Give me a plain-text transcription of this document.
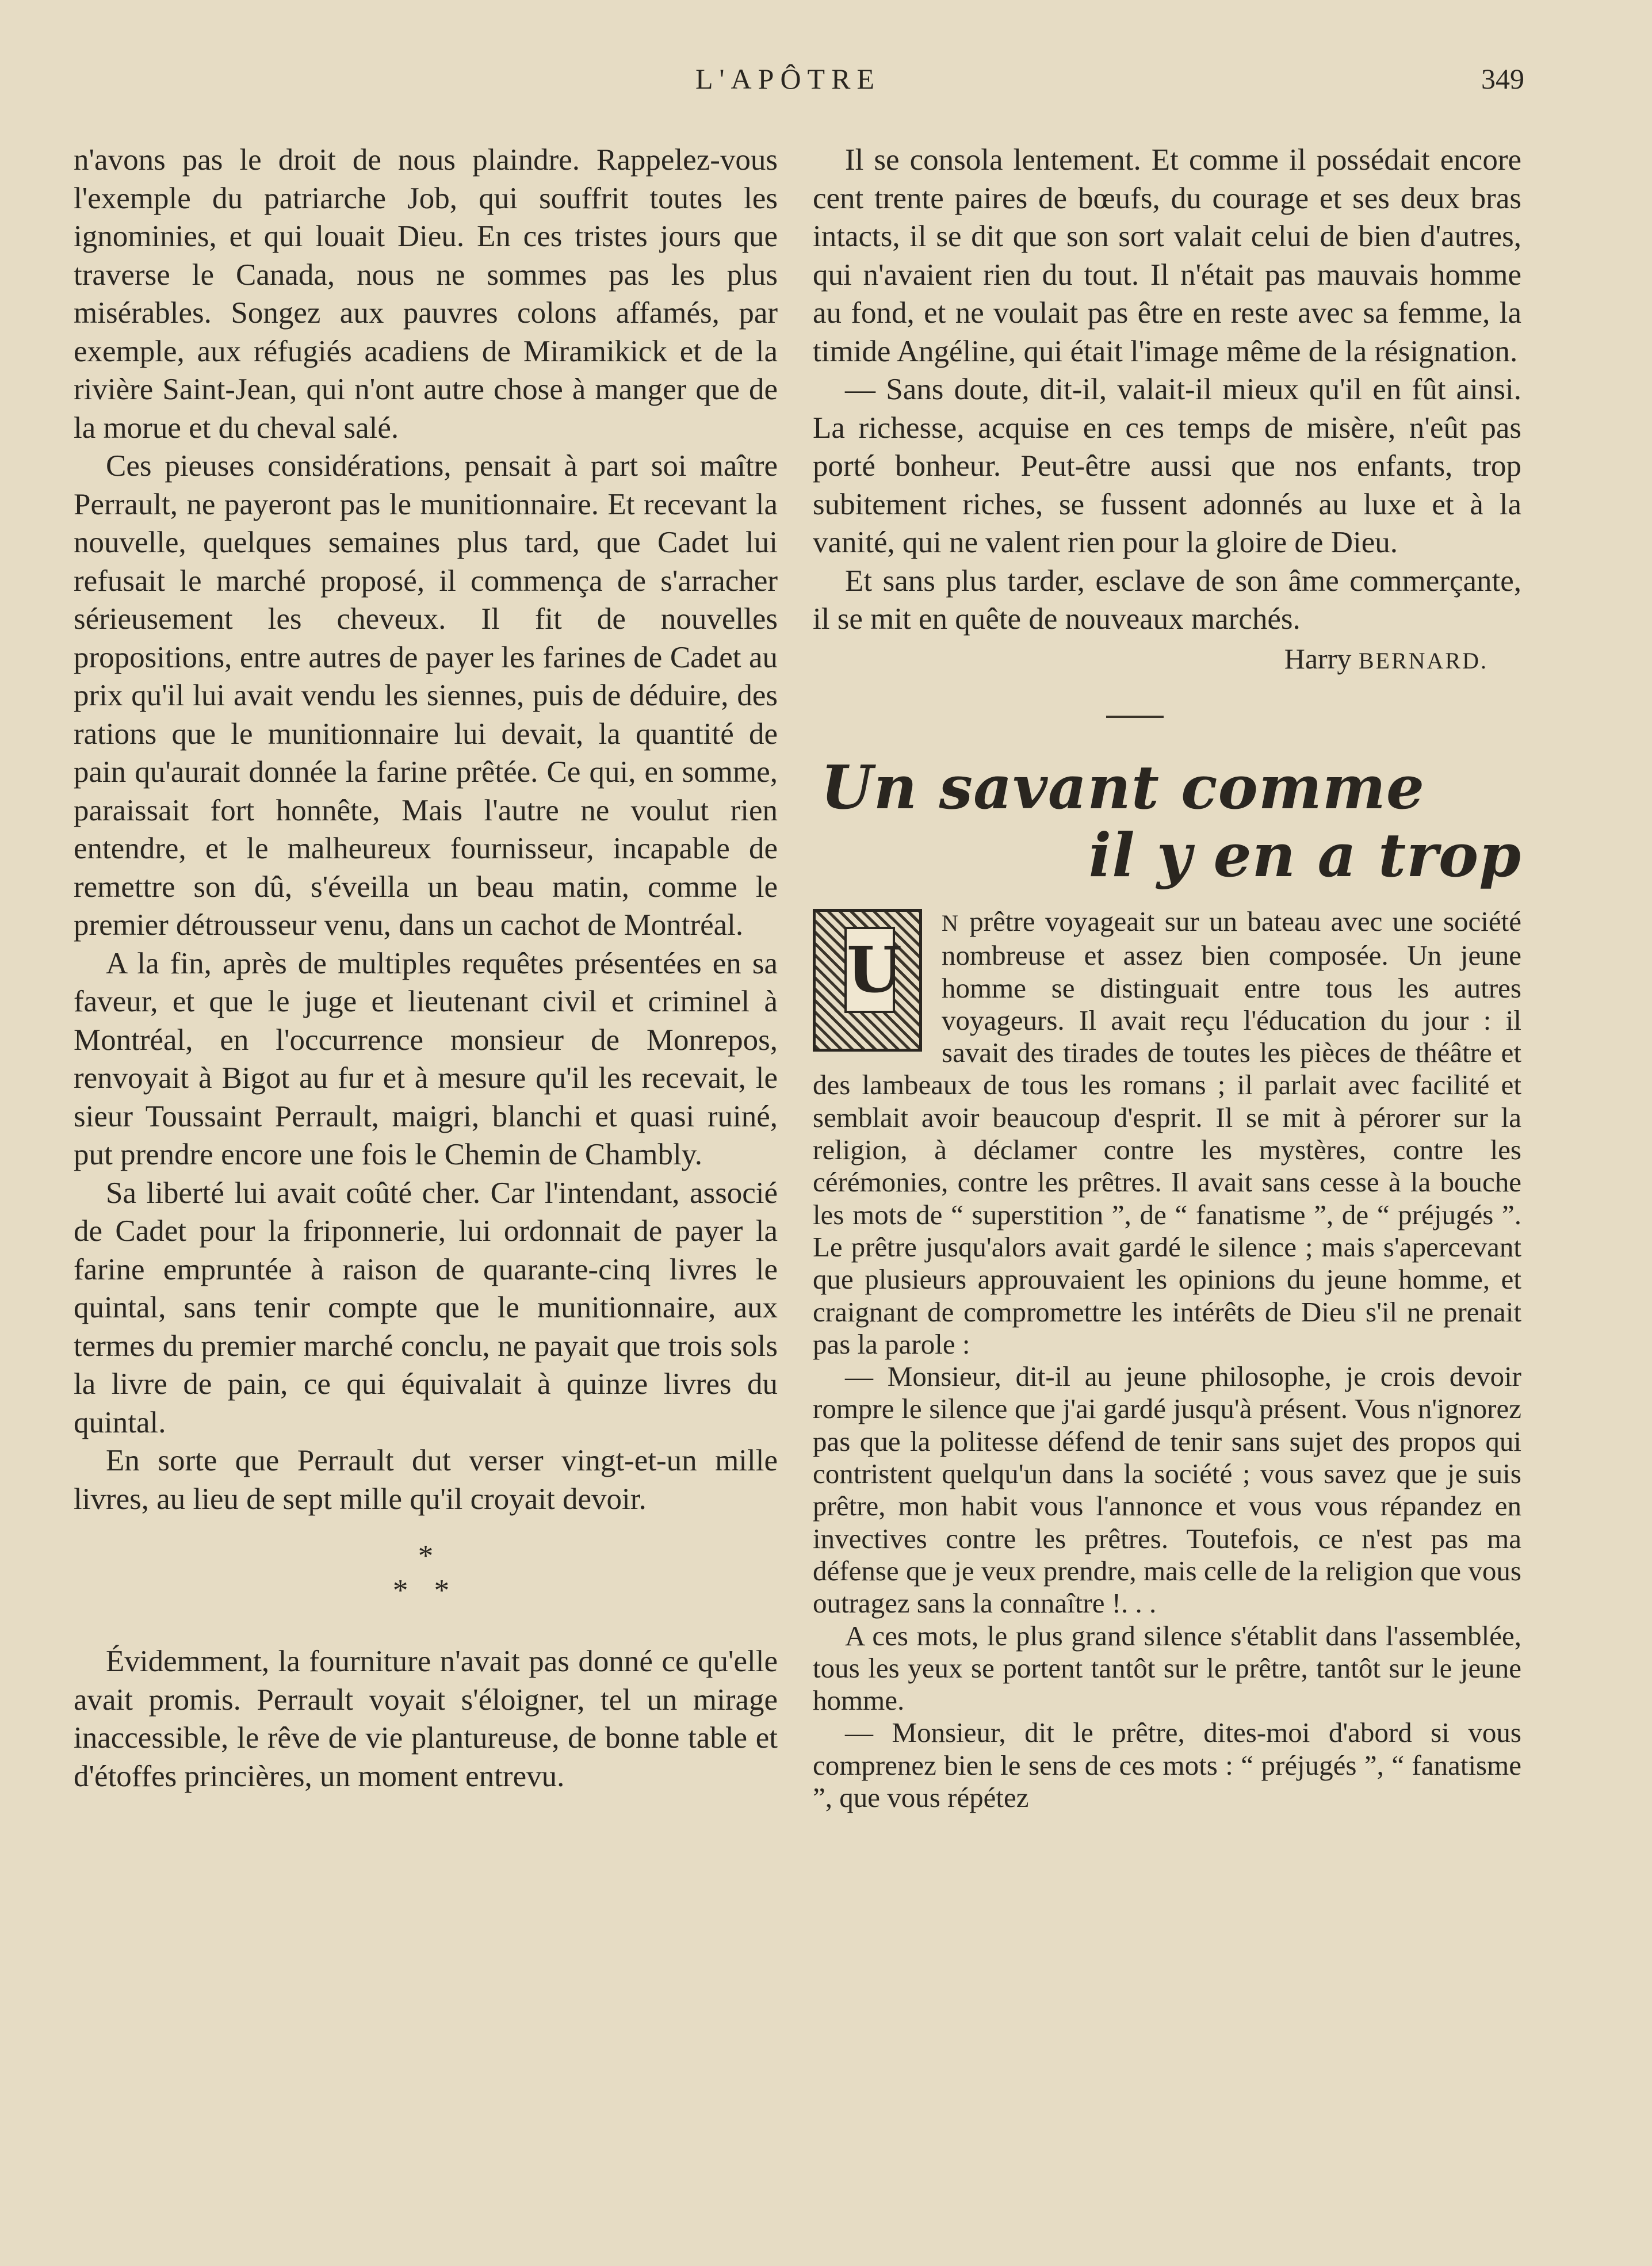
L'APÔTRE	349

n'avons pas le droit de nous plaindre. Rappelez-vous l'exemple du patriarche Job, qui souffrit toutes les ignominies, et qui louait Dieu. En ces tristes jours que traverse le Canada, nous ne sommes pas les plus misérables. Songez aux pauvres colons affamés, par exemple, aux réfugiés acadiens de Miramikick et de la rivière Saint-Jean, qui n'ont autre chose à manger que de la morue et du cheval salé.

Ces pieuses considérations, pensait à part soi maître Perrault, ne payeront pas le munitionnaire. Et recevant la nouvelle, quelques semaines plus tard, que Cadet lui refusait le marché proposé, il commença de s'arracher sérieusement les cheveux. Il fit de nouvelles propositions, entre autres de payer les farines de Cadet au prix qu'il lui avait vendu les siennes, puis de déduire, des rations que le munitionnaire lui devait, la quantité de pain qu'aurait donnée la farine prêtée. Ce qui, en somme, paraissait fort honnête, Mais l'autre ne voulut rien entendre, et le malheureux fournisseur, incapable de remettre son dû, s'éveilla un beau matin, comme le premier détrousseur venu, dans un cachot de Montréal.

A la fin, après de multiples requêtes présentées en sa faveur, et que le juge et lieutenant civil et criminel à Montréal, en l'occurrence monsieur de Monrepos, renvoyait à Bigot au fur et à mesure qu'il les recevait, le sieur Toussaint Perrault, maigri, blanchi et quasi ruiné, put prendre encore une fois le Chemin de Chambly.

Sa liberté lui avait coûté cher. Car l'intendant, associé de Cadet pour la friponnerie, lui ordonnait de payer la farine empruntée à raison de quarante-cinq livres le quintal, sans tenir compte que le munitionnaire, aux termes du premier marché conclu, ne payait que trois sols la livre de pain, ce qui équivalait à quinze livres du quintal.

En sorte que Perrault dut verser vingt-et-un mille livres, au lieu de sept mille qu'il croyait devoir.

*
* *

Évidemment, la fourniture n'avait pas donné ce qu'elle avait promis. Perrault voyait s'éloigner, tel un mirage inaccessible, le rêve de vie plantureuse, de bonne table et d'étoffes princières, un moment entrevu.

Il se consola lentement. Et comme il possédait encore cent trente paires de bœufs, du courage et ses deux bras intacts, il se dit que son sort valait celui de bien d'autres, qui n'avaient rien du tout. Il n'était pas mauvais homme au fond, et ne voulait pas être en reste avec sa femme, la timide Angéline, qui était l'image même de la résignation.

— Sans doute, dit-il, valait-il mieux qu'il en fût ainsi. La richesse, acquise en ces temps de misère, n'eût pas porté bonheur. Peut-être aussi que nos enfants, trop subitement riches, se fussent adonnés au luxe et à la vanité, qui ne valent rien pour la gloire de Dieu.

Et sans plus tarder, esclave de son âme commerçante, il se mit en quête de nouveaux marchés.

Harry BERNARD.
Un savant comme
il y en a trop
U

N prêtre voyageait sur un bateau avec une société nombreuse et assez bien composée. Un jeune homme se distinguait entre tous les autres voyageurs. Il avait reçu l'éducation du jour : il savait des tirades de toutes les pièces de théâtre et des lambeaux de tous les romans ; il parlait avec facilité et semblait avoir beaucoup d'esprit. Il se mit à pérorer sur la religion, à déclamer contre les mystères, contre les cérémonies, contre les prêtres. Il avait sans cesse à la bouche les mots de “ superstition ”, de “ fanatisme ”, de “ préjugés ”. Le prêtre jusqu'alors avait gardé le silence ; mais s'apercevant que plusieurs approuvaient les opinions du jeune homme, et craignant de compromettre les intérêts de Dieu s'il ne prenait pas la parole :

— Monsieur, dit-il au jeune philosophe, je crois devoir rompre le silence que j'ai gardé jusqu'à présent. Vous n'ignorez pas que la politesse défend de tenir sans sujet des propos qui contristent quelqu'un dans la société ; vous savez que je suis prêtre, mon habit vous l'annonce et vous vous répandez en invectives contre les prêtres. Toutefois, ce n'est pas ma défense que je veux prendre, mais celle de la religion que vous outragez sans la connaître !. . .

A ces mots, le plus grand silence s'établit dans l'assemblée, tous les yeux se portent tantôt sur le prêtre, tantôt sur le jeune homme.

— Monsieur, dit le prêtre, dites-moi d'abord si vous comprenez bien le sens de ces mots : “ préjugés ”, “ fanatisme ”, que vous répétez
